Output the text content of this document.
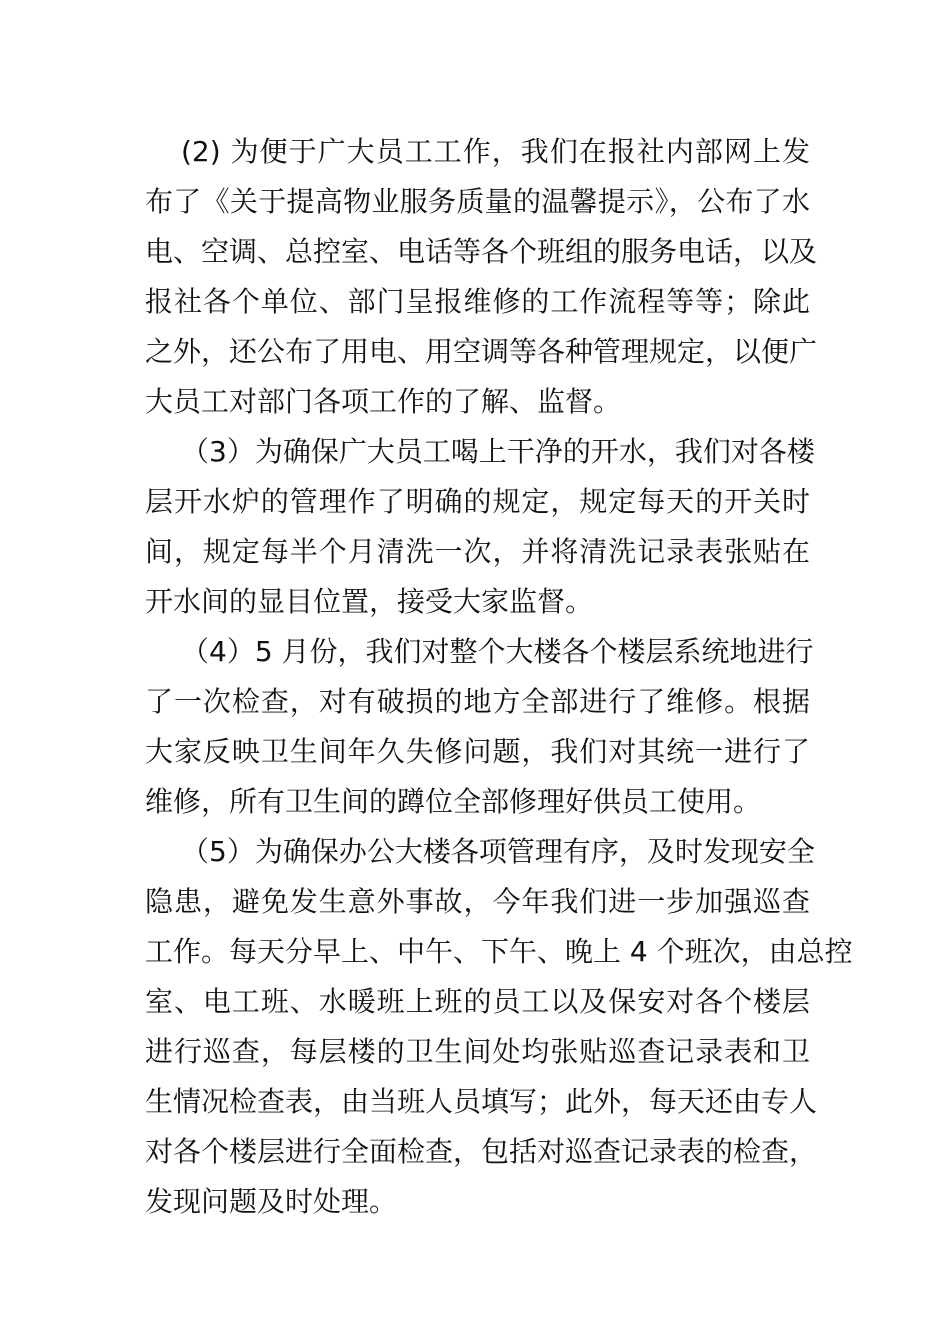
(2) 为便于广大员工工作，我们在报社内部网上发
布了《关于提高物业服务质量的温馨提示》，公布了水
电、空调、总控室、电话等各个班组的服务电话，以及
报社各个单位、部门呈报维修的工作流程等等；除此
之外，还公布了用电、用空调等各种管理规定，以便广
大员工对部门各项工作的了解、监督。
（3）为确保广大员工喝上干净的开水，我们对各楼
层开水炉的管理作了明确的规定，规定每天的开关时
间，规定每半个月清洗一次，并将清洗记录表张贴在
开水间的显目位置，接受大家监督。
（4）5 月份，我们对整个大楼各个楼层系统地进行
了一次检查，对有破损的地方全部进行了维修。根据
大家反映卫生间年久失修问题，我们对其统一进行了
维修，所有卫生间的蹲位全部修理好供员工使用。
（5）为确保办公大楼各项管理有序，及时发现安全
隐患，避免发生意外事故，今年我们进一步加强巡查
工作。每天分早上、中午、下午、晚上 4 个班次，由总控
室、电工班、水暖班上班的员工以及保安对各个楼层
进行巡查，每层楼的卫生间处均张贴巡查记录表和卫
生情况检查表，由当班人员填写；此外，每天还由专人
对各个楼层进行全面检查，包括对巡查记录表的检查，
发现问题及时处理。
